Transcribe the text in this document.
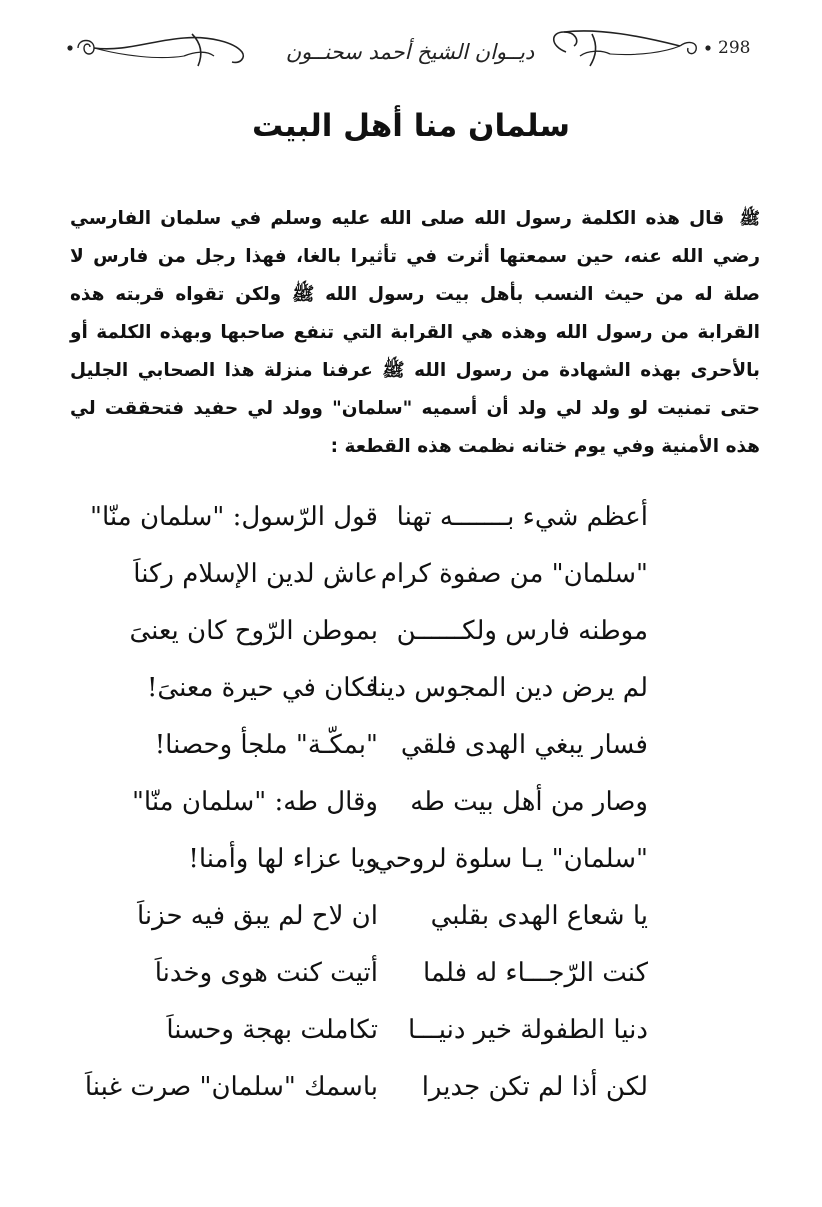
ديــوان الشيخ أحمد سحنــون	298
سلمان منا أهل البيت

ﷺ قال هذه الكلمة رسول الله صلى الله عليه وسلم في سلمان الفارسي رضي الله عنه، حين سمعتها أثرت في تأثيرا بالغا، فهذا رجل من فارس لا صلة له من حيث النسب بأهل بيت رسول الله ﷺ ولكن تقواه قربته هذه القرابة من رسول الله وهذه هي القرابة التي تنفع صاحبها وبهذه الكلمة أو بالأحرى بهذه الشهادة من رسول الله ﷺ عرفنا منزلة هذا الصحابي الجليل حتى تمنيت لو ولد لي ولد أن أسميه "سلمان" وولد لي حفيد فتحققت لي هذه الأمنية وفي يوم ختانه نظمت هذه القطعة :

أعظم شيء بـــــــه تهنا
قول الرّسول: "سلمان منّا"
"سلمان" من صفوة كرام
عاش لدين الإسلام ركناَ
موطنه فارس ولكــــــن
بموطن الرّوح كان يعنىَ
لم يرض دين المجوس دينا
فكان في حيرة معنىَ!
فسار يبغي الهدى فلقي
"بمكّـة" ملجأ وحصنا!
وصار من أهل بيت طه
وقال طه: "سلمان منّا"
"سلمان" يـا سلوة لروحي
ويا عزاء لها وأمنا!
يا شعاع الهدى بقلبي
ان لاح لم يبق فيه حزناَ
كنت الرّجـــاء له فلما
أتيت كنت هوى وخدناَ
دنيا الطفولة خير دنيـــا
تكاملت بهجة وحسناَ
لكن أذا لم تكن جديرا
باسمك "سلمان" صرت غبناَ
